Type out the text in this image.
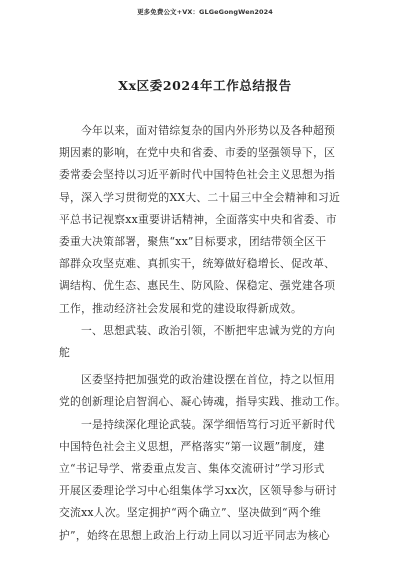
更多免费公文+VX：GLGeGongWen2024
Xx区委2024年工作总结报告
今年以来，面对错综复杂的国内外形势以及各种超预
期因素的影响，在党中央和省委、市委的坚强领导下，区
委常委会坚持以习近平新时代中国特色社会主义思想为指
导，深入学习贯彻党的XX大、二十届三中全会精神和习近
平总书记视察xx重要讲话精神，全面落实中央和省委、市
委重大决策部署，聚焦“xx”目标要求，团结带领全区干
部群众攻坚克难、真抓实干，统筹做好稳增长、促改革、
调结构、优生态、惠民生、防风险、保稳定、强党建各项
工作，推动经济社会发展和党的建设取得新成效。
一、思想武装、政治引领，不断把牢忠诚为党的方向
舵
区委坚持把加强党的政治建设摆在首位，持之以恒用
党的创新理论启智润心、凝心铸魂，指导实践、推动工作。
一是持续深化理论武装。深学细悟笃行习近平新时代
中国特色社会主义思想，严格落实“第一议题”制度，建
立“书记导学、常委重点发言、集体交流研讨”学习形式
开展区委理论学习中心组集体学习xx次，区领导参与研讨
交流xx人次。坚定拥护“两个确立”、坚决做到“两个维
护”，始终在思想上政治上行动上同以习近平同志为核心
